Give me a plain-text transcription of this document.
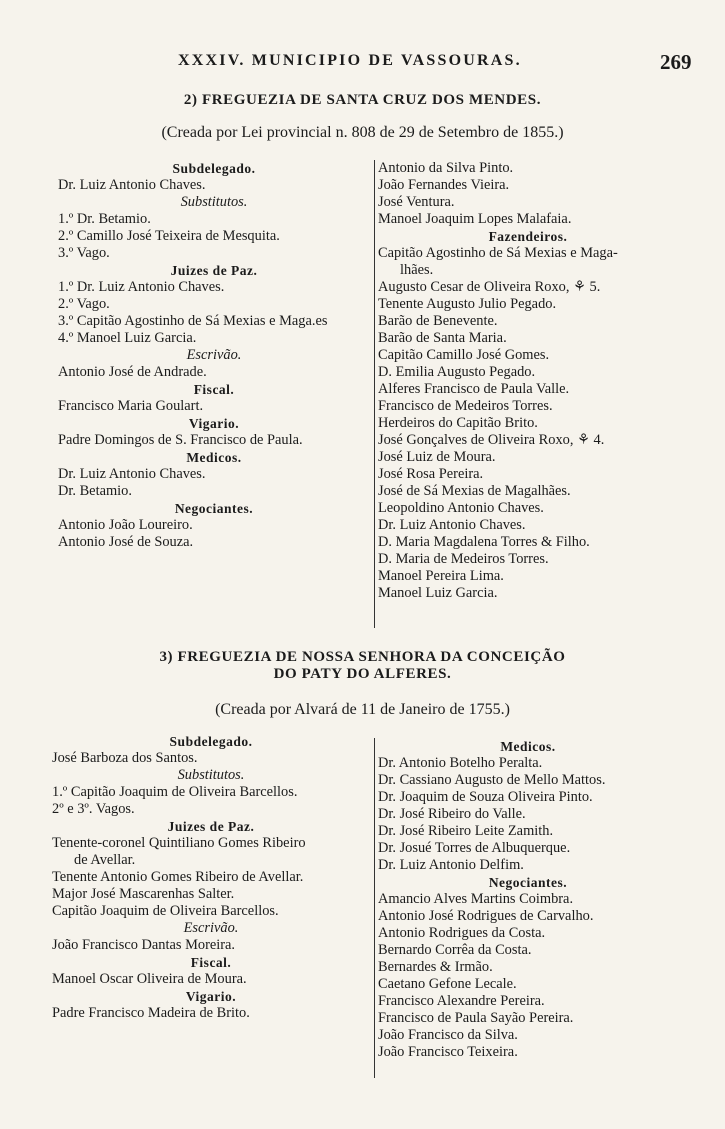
XXXIV. MUNICIPIO DE VASSOURAS.	269
2) FREGUEZIA DE SANTA CRUZ DOS MENDES.
(Creada por Lei provincial n. 808 de 29 de Setembro de 1855.)
Subdelegado.
Dr. Luiz Antonio Chaves.
Substitutos.
1.º Dr. Betamio.
2.º Camillo José Teixeira de Mesquita.
3.º Vago.
Juizes de Paz.
1.º Dr. Luiz Antonio Chaves.
2.º Vago.
3.º Capitão Agostinho de Sá Mexias e Maga.es
4.º Manoel Luiz Garcia.
Escrivão.
Antonio José de Andrade.
Fiscal.
Francisco Maria Goulart.
Vigario.
Padre Domingos de S. Francisco de Paula.
Medicos.
Dr. Luiz Antonio Chaves.
Dr. Betamio.
Negociantes.
Antonio João Loureiro.
Antonio José de Souza.
Antonio da Silva Pinto.
João Fernandes Vieira.
José Ventura.
Manoel Joaquim Lopes Malafaia.
Fazendeiros.
Capitão Agostinho de Sá Mexias e Maga-
lhães.
Augusto Cesar de Oliveira Roxo, ⚘ 5.
Tenente Augusto Julio Pegado.
Barão de Benevente.
Barão de Santa Maria.
Capitão Camillo José Gomes.
D. Emilia Augusto Pegado.
Alferes Francisco de Paula Valle.
Francisco de Medeiros Torres.
Herdeiros do Capitão Brito.
José Gonçalves de Oliveira Roxo, ⚘ 4.
José Luiz de Moura.
José Rosa Pereira.
José de Sá Mexias de Magalhães.
Leopoldino Antonio Chaves.
Dr. Luiz Antonio Chaves.
D. Maria Magdalena Torres & Filho.
D. Maria de Medeiros Torres.
Manoel Pereira Lima.
Manoel Luiz Garcia.
3) FREGUEZIA DE NOSSA SENHORA DA CONCEIÇÃO
DO PATY DO ALFERES.
(Creada por Alvará de 11 de Janeiro de 1755.)
Subdelegado.
José Barboza dos Santos.
Substitutos.
1.º Capitão Joaquim de Oliveira Barcellos.
2º e 3º. Vagos.
Juizes de Paz.
Tenente-coronel Quintiliano Gomes Ribeiro
de Avellar.
Tenente Antonio Gomes Ribeiro de Avellar.
Major José Mascarenhas Salter.
Capitão Joaquim de Oliveira Barcellos.
Escrivão.
João Francisco Dantas Moreira.
Fiscal.
Manoel Oscar Oliveira de Moura.
Vigario.
Padre Francisco Madeira de Brito.
Medicos.
Dr. Antonio Botelho Peralta.
Dr. Cassiano Augusto de Mello Mattos.
Dr. Joaquim de Souza Oliveira Pinto.
Dr. José Ribeiro do Valle.
Dr. José Ribeiro Leite Zamith.
Dr. Josué Torres de Albuquerque.
Dr. Luiz Antonio Delfim.
Negociantes.
Amancio Alves Martins Coimbra.
Antonio José Rodrigues de Carvalho.
Antonio Rodrigues da Costa.
Bernardo Corrêa da Costa.
Bernardes & Irmão.
Caetano Gefone Lecale.
Francisco Alexandre Pereira.
Francisco de Paula Sayão Pereira.
João Francisco da Silva.
João Francisco Teixeira.
